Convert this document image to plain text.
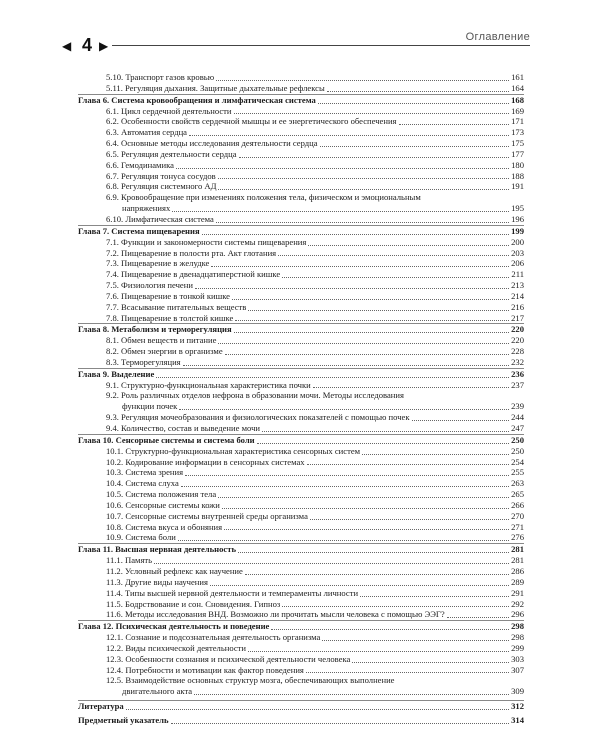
◀ 4 ▶
Оглавление
5.10. Транспорт газов кровью	161
5.11. Регуляция дыхания. Защитные дыхательные рефлексы	164
Глава 6. Система кровообращения и лимфатическая система	168
6.1. Цикл сердечной деятельности	169
6.2. Особенности свойств сердечной мышцы и ее энергетического обеспечения	171
6.3. Автоматия сердца	173
6.4. Основные методы исследования деятельности сердца	175
6.5. Регуляция деятельности сердца	177
6.6. Гемодинамика	180
6.7. Регуляция тонуса сосудов	188
6.8. Регуляция системного АД	191
6.9. Кровообращение при изменениях положения тела, физическом и эмоциональным
напряжениях	195
6.10. Лимфатическая система	196
Глава 7. Система пищеварения	199
7.1. Функции и закономерности системы пищеварения	200
7.2. Пищеварение в полости рта. Акт глотания	203
7.3. Пищеварение в желудке	206
7.4. Пищеварение в двенадцатиперстной кишке	211
7.5. Физиология печени	213
7.6. Пищеварение в тонкой кишке	214
7.7. Всасывание питательных веществ	216
7.8. Пищеварение в толстой кишке	217
Глава 8. Метаболизм и терморегуляция	220
8.1. Обмен веществ и питание	220
8.2. Обмен энергии в организме	228
8.3. Терморегуляция	232
Глава 9. Выделение	236
9.1. Структурно-функциональная характеристика почки	237
9.2. Роль различных отделов нефрона в образовании мочи. Методы исследования
функции почек	239
9.3. Регуляция мочеобразования и физиологических показателей с помощью почек	244
9.4. Количество, состав и выведение мочи	247
Глава 10. Сенсорные системы и система боли	250
10.1. Структурно-функциональная характеристика сенсорных систем	250
10.2. Кодирование информации в сенсорных системах	254
10.3. Система зрения	255
10.4. Система слуха	263
10.5. Система положения тела	265
10.6. Сенсорные системы кожи	266
10.7. Сенсорные системы внутренней среды организма	270
10.8. Система вкуса и обоняния	271
10.9. Система боли	276
Глава 11. Высшая нервная деятельность	281
11.1. Память	281
11.2. Условный рефлекс как научение	286
11.3. Другие виды научения	289
11.4. Типы высшей нервной деятельности и темпераменты личности	291
11.5. Бодрствование и сон. Сновидения. Гипноз	292
11.6. Методы исследования ВНД. Возможно ли прочитать мысли человека с помощью ЭЭГ?	296
Глава 12. Психическая деятельность и поведение	298
12.1. Сознание и подсознательная деятельность организма	298
12.2. Виды психической деятельности	299
12.3. Особенности сознания и психической деятельности человека	303
12.4. Потребности и мотивации как фактор поведения	307
12.5. Взаимодействие основных структур мозга, обеспечивающих выполнение
двигательного акта	309
Литература	312
Предметный указатель	314
